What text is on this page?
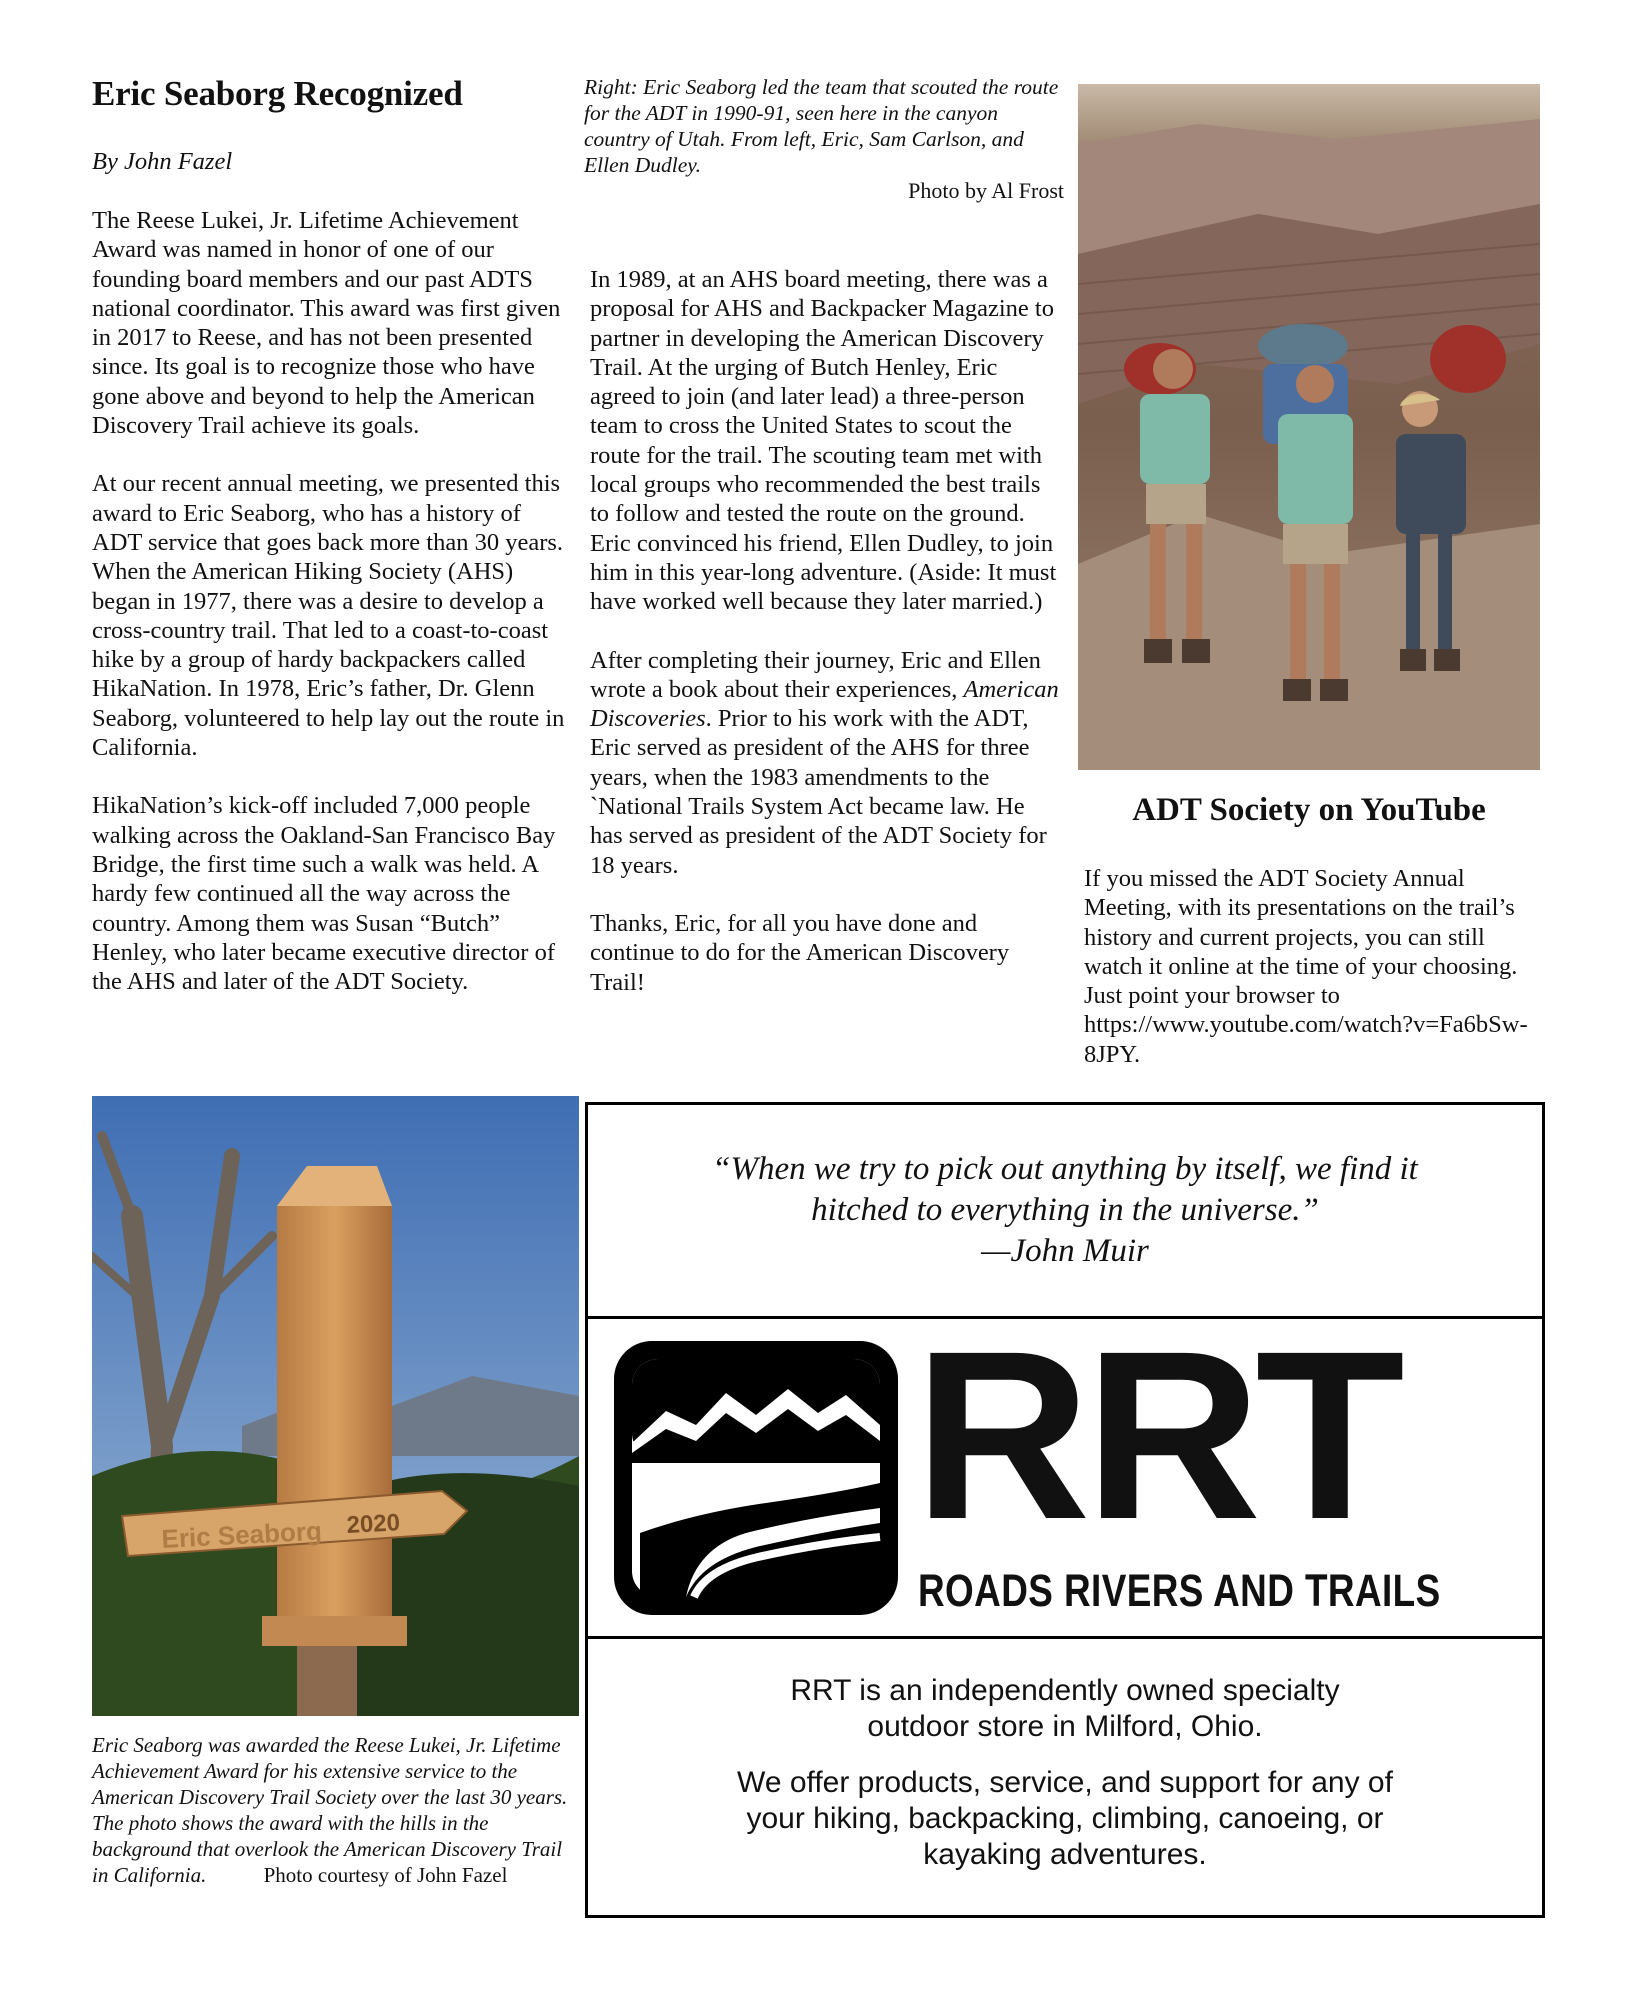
Eric Seaborg Recognized
By John Fazel

The Reese Lukei, Jr. Lifetime Achievement Award was named in honor of one of our founding board members and our past ADTS national coordinator. This award was first given in 2017 to Reese, and has not been presented since. Its goal is to recognize those who have gone above and beyond to help the American Discovery Trail achieve its goals.

At our recent annual meeting, we presented this award to Eric Seaborg, who has a history of ADT service that goes back more than 30 years. When the American Hiking Society (AHS) began in 1977, there was a desire to develop a cross-country trail. That led to a coast-to-coast hike by a group of hardy backpackers called HikaNation. In 1978, Eric’s father, Dr. Glenn Seaborg, volunteered to help lay out the route in California.

HikaNation’s kick-off included 7,000 people walking across the Oakland-San Francisco Bay Bridge, the first time such a walk was held. A hardy few continued all the way across the country. Among them was Susan “Butch” Henley, who later became executive director of the AHS and later of the ADT Society.

Right: Eric Seaborg led the team that scouted the route for the ADT in 1990-91, seen here in the canyon country of Utah. From left, Eric, Sam Carlson, and Ellen Dudley.
Photo by Al Frost

In 1989, at an AHS board meeting, there was a proposal for AHS and Backpacker Magazine to partner in developing the American Discovery Trail. At the urging of Butch Henley, Eric agreed to join (and later lead) a three-person team to cross the United States to scout the route for the trail. The scouting team met with local groups who recommended the best trails to follow and tested the route on the ground. Eric convinced his friend, Ellen Dudley, to join him in this year-long adventure. (Aside: It must have worked well because they later married.)

After completing their journey, Eric and Ellen wrote a book about their experiences, American Discoveries. Prior to his work with the ADT, Eric served as president of the AHS for three years, when the 1983 amendments to the `National Trails System Act became law. He has served as president of the ADT Society for 18 years.

Thanks, Eric, for all you have done and continue to do for the American Discovery Trail!

ADT Society on YouTube
If you missed the ADT Society Annual Meeting, with its presentations on the trail’s history and current projects, you can still watch it online at the time of your choosing. Just point your browser to https://www.youtube.com/watch?v=Fa6bSw-8JPY.
Eric Seaborg 2020
Eric Seaborg was awarded the Reese Lukei, Jr. Lifetime Achievement Award for his extensive service to the American Discovery Trail Society over the last 30 years. The photo shows the award with the hills in the background that overlook the American Discovery Trail in California.	Photo courtesy of John Fazel
“When we try to pick out anything by itself, we find it hitched to everything in the universe.”
—John Muir
RRT
ROADS RIVERS AND TRAILS
RRT is an independently owned specialty outdoor store in Milford, Ohio.
We offer products, service, and support for any of your hiking, backpacking, climbing, canoeing, or kayaking adventures.
